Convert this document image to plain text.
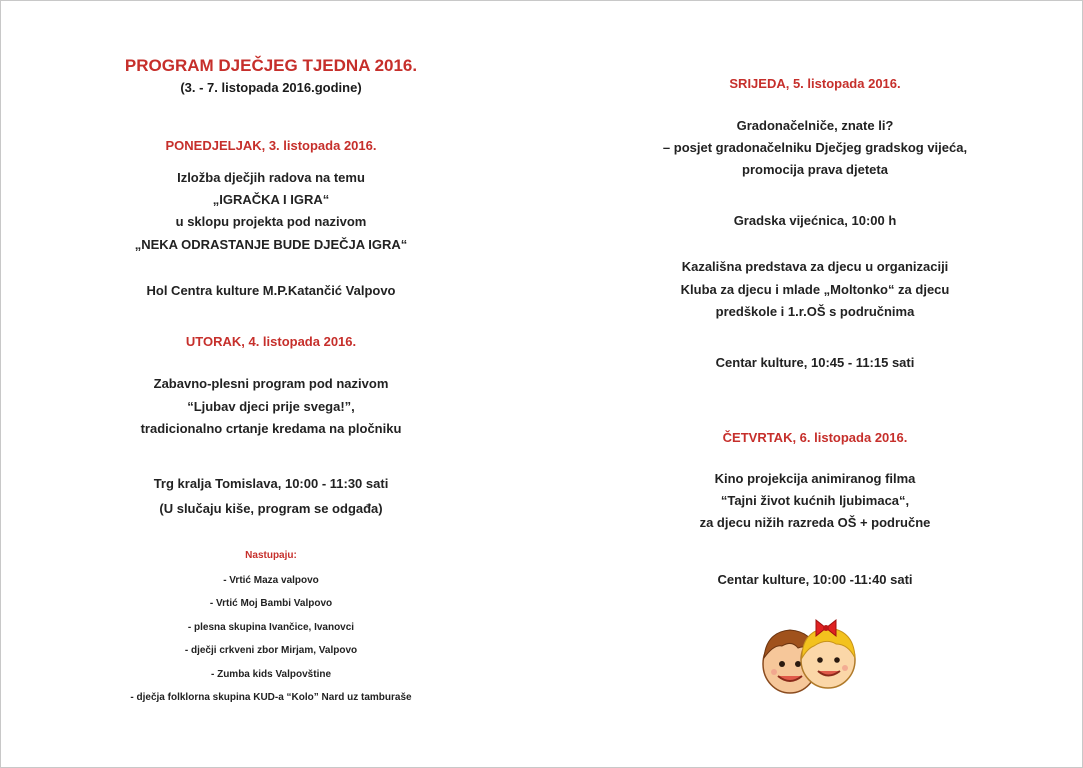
PROGRAM DJEČJEG TJEDNA 2016.
(3. - 7. listopada 2016.godine)
PONEDJELJAK, 3. listopada 2016.
Izložba dječjih radova na temu
„IGRAČKA I IGRA“
u sklopu projekta pod nazivom
„NEKA ODRASTANJE BUDE DJEČJA IGRA“
Hol Centra kulture M.P.Katančić Valpovo
UTORAK, 4. listopada 2016.
Zabavno-plesni program pod nazivom
“Ljubav djeci prije svega!”,
tradicionalno crtanje kredama na pločniku
Trg kralja Tomislava, 10:00 - 11:30 sati
(U slučaju kiše, program se odgađa)
Nastupaju:
- Vrtić Maza valpovo
- Vrtić Moj Bambi Valpovo
- plesna skupina Ivančice, Ivanovci
- dječji crkveni zbor Mirjam, Valpovo
- Zumba kids Valpovštine
- dječja folklorna skupina KUD-a “Kolo” Nard uz tamburaše
SRIJEDA, 5. listopada 2016.
Gradonačelniče, znate li?
– posjet gradonačelniku Dječjeg gradskog vijeća,
promocija prava djeteta
Gradska vijećnica, 10:00 h
Kazališna predstava za djecu u organizaciji
Kluba za djecu i mlade „Moltonko“ za djecu
predškole i 1.r.OŠ s područnima
Centar kulture, 10:45 - 11:15 sati
ČETVRTAK, 6. listopada 2016.
Kino projekcija animiranog filma
“Tajni život kućnih ljubimaca“,
za djecu nižih razreda OŠ + područne
Centar kulture, 10:00 -11:40 sati
